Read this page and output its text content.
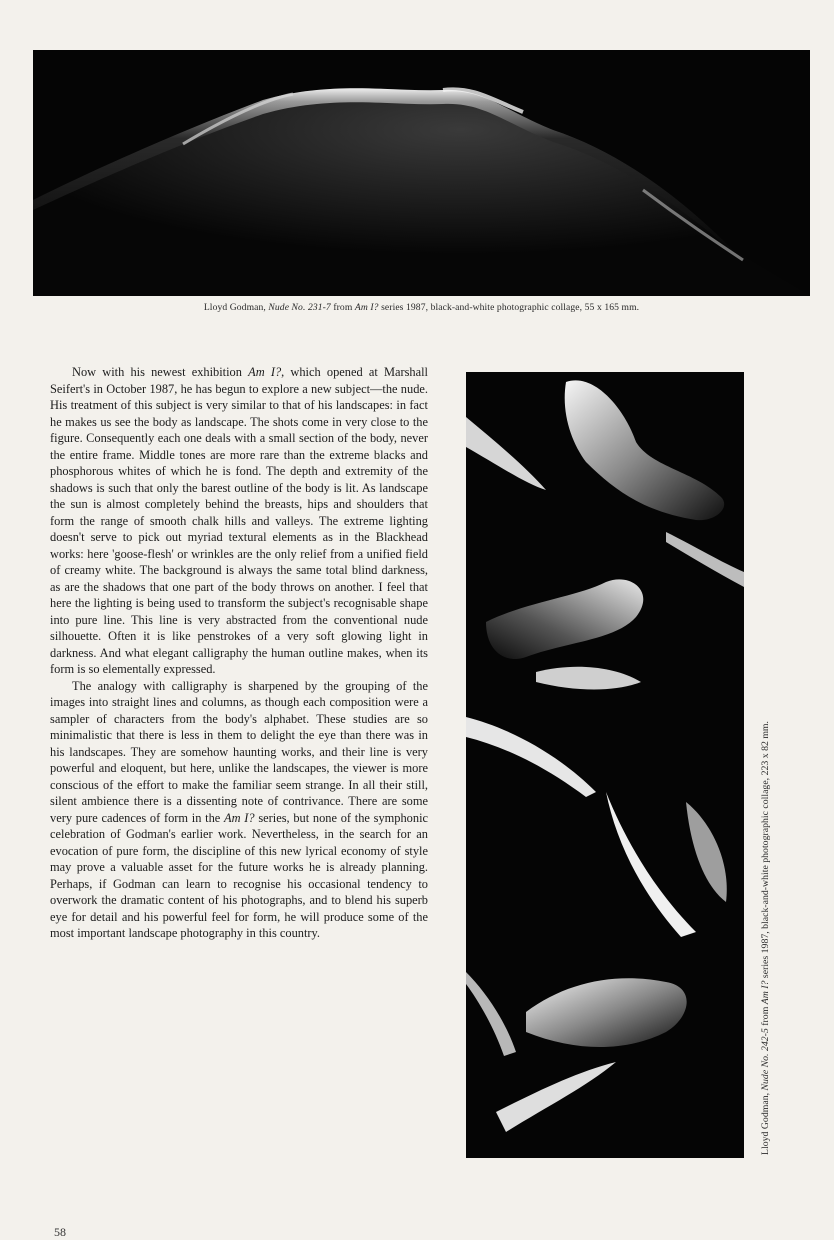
Lloyd Godman, Nude No. 231-7 from Am I? series 1987, black-and-white photographic collage, 55 x 165 mm.

Now with his newest exhibition Am I?, which opened at Marshall Seifert's in October 1987, he has begun to explore a new subject—the nude. His treatment of this subject is very similar to that of his landscapes: in fact he makes us see the body as landscape. The shots come in very close to the figure. Consequently each one deals with a small section of the body, never the entire frame. Middle tones are more rare than the extreme blacks and phosphorous whites of which he is fond. The depth and extremity of the shadows is such that only the barest outline of the body is lit. As landscape the sun is almost completely behind the breasts, hips and shoulders that form the range of smooth chalk hills and valleys. The extreme lighting doesn't serve to pick out myriad textural elements as in the Blackhead works: here 'goose-flesh' or wrinkles are the only relief from a unified field of creamy white. The background is always the same total blind darkness, as are the shadows that one part of the body throws on another. I feel that here the lighting is being used to transform the subject's recognisable shape into pure line. This line is very abstracted from the conventional nude silhouette. Often it is like penstrokes of a very soft glowing light in darkness. And what elegant calligraphy the human outline makes, when its form is so elementally expressed.

The analogy with calligraphy is sharpened by the grouping of the images into straight lines and columns, as though each composition were a sampler of characters from the body's alphabet. These studies are so minimalistic that there is less in them to delight the eye than there was in his landscapes. They are somehow haunting works, and their line is very powerful and eloquent, but here, unlike the landscapes, the viewer is more conscious of the effort to make the familiar seem strange. In all their still, silent ambience there is a dissenting note of contrivance. There are some very pure cadences of form in the Am I? series, but none of the symphonic celebration of Godman's earlier work. Nevertheless, in the search for an evocation of pure form, the discipline of this new lyrical economy of style may prove a valuable asset for the future works he is already planning. Perhaps, if Godman can learn to recognise his occasional tendency to overwork the dramatic content of his photographs, and to blend his superb eye for detail and his powerful feel for form, he will produce some of the most important landscape photography in this country.

Lloyd Godman, Nude No. 242-5 from Am I? series 1987, black-and-white photographic collage, 223 x 82 mm.
58
